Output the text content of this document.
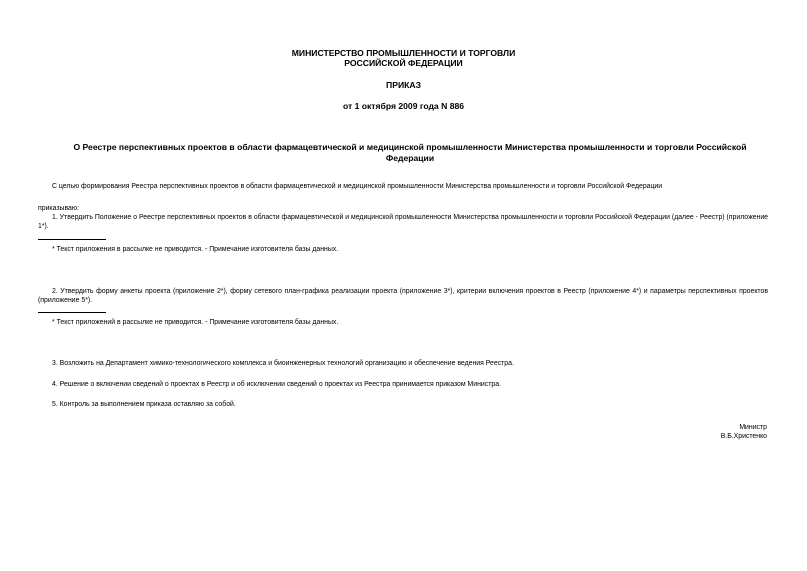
МИНИСТЕРСТВО ПРОМЫШЛЕННОСТИ И ТОРГОВЛИ
РОССИЙСКОЙ ФЕДЕРАЦИИ
ПРИКАЗ
от 1 октября 2009 года N 886
О Реестре перспективных проектов в области фармацевтической и медицинской промышленности Министерства промышленности и торговли Российской Федерации
С целью формирования Реестра перспективных проектов в области фармацевтической и медицинской промышленности Министерства промышленности и торговли Российской Федерации
приказываю:
1. Утвердить Положение о Реестре перспективных проектов в области фармацевтической и медицинской промышленности Министерства промышленности и торговли Российской Федерации (далее - Реестр) (приложение 1*).
* Текст приложения в рассылке не приводится. - Примечание изготовителя базы данных.
2. Утвердить форму анкеты проекта (приложение 2*), форму сетевого план-графика реализации проекта (приложение 3*), критерии включения проектов в Реестр (приложение 4*) и параметры перспективных проектов (приложение 5*).
* Текст приложений в рассылке не приводится. - Примечание изготовителя базы данных.
3. Возложить на Департамент химико-технологического комплекса и биоинженерных технологий организацию и обеспечение ведения Реестра.
4. Решение о включении сведений о проектах в Реестр и об исключении сведений о проектах из Реестра принимается приказом Министра.
5. Контроль за выполнением приказа оставляю за собой.
Министр
В.Б.Христенко
